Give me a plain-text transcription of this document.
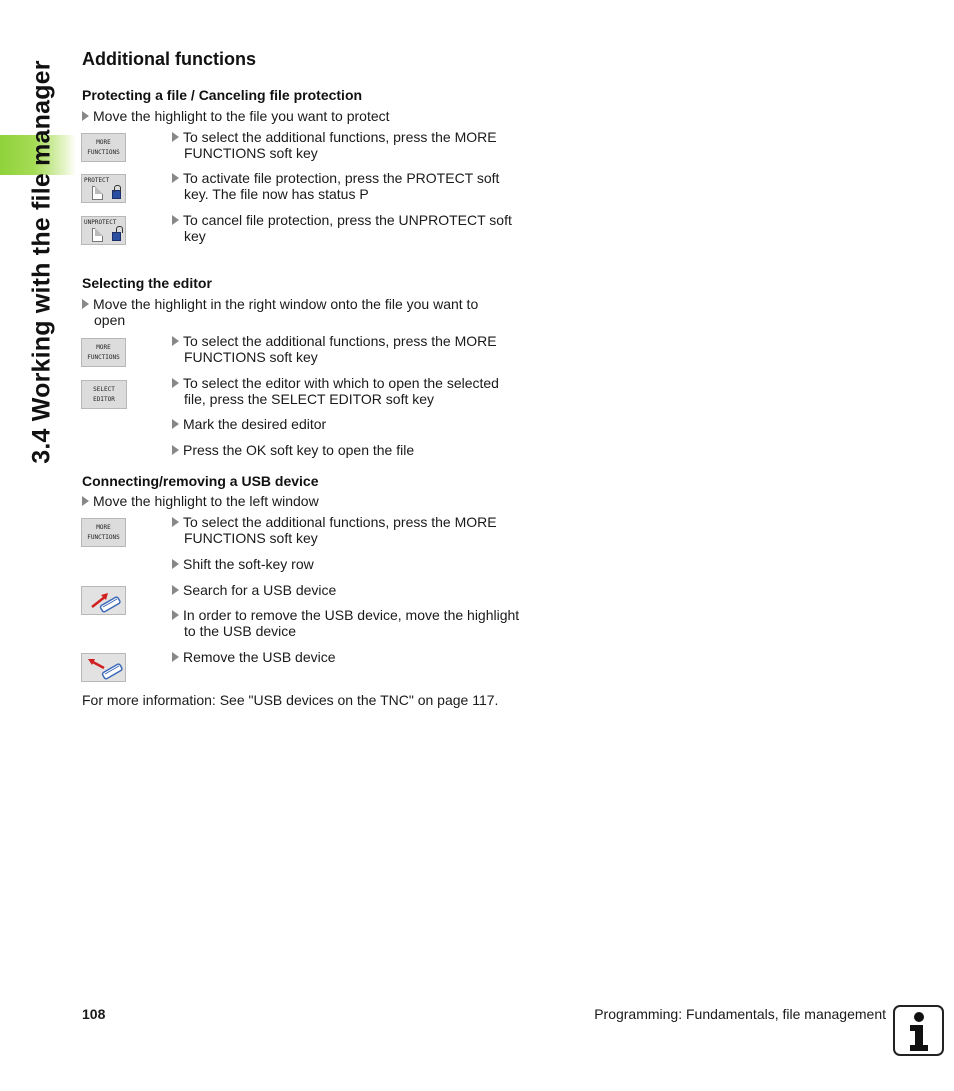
3.4 Working with the file manager
Additional functions
Protecting a file / Canceling file protection
Move the highlight to the file you want to protect
MORE
FUNCTIONS
To select the additional functions, press the MORE
FUNCTIONS soft key
PROTECT	To activate file protection, press the PROTECT soft
key. The file now has status P
UNPROTECT	To cancel file protection, press the UNPROTECT soft
key
Selecting the editor
Move the highlight in the right window onto the file you want to
open
MORE
FUNCTIONS
To select the additional functions, press the MORE
FUNCTIONS soft key
SELECT
EDITOR
To select the editor with which to open the selected
file, press the SELECT EDITOR soft key
Mark the desired editor
Press the OK soft key to open the file
Connecting/removing a USB device
Move the highlight to the left window
MORE
FUNCTIONS
To select the additional functions, press the MORE
FUNCTIONS soft key
Shift the soft-key row
Search for a USB device
In order to remove the USB device, move the highlight
to the USB device
Remove the USB device
For more information: See "USB devices on the TNC" on page 117.
108	Programming: Fundamentals, file management
